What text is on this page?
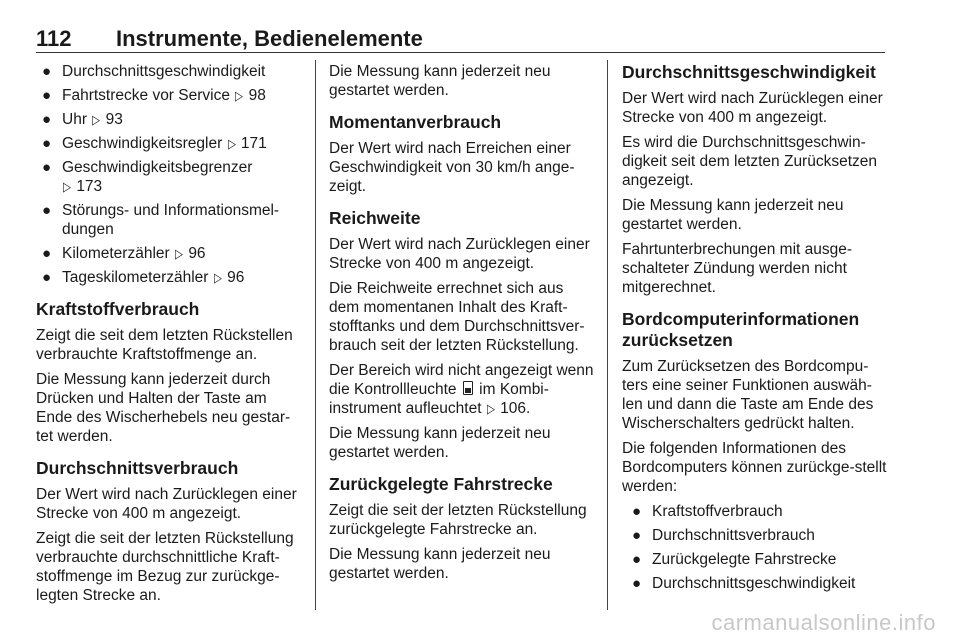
112 Instrumente, Bedienelemente
● Durchschnittsgeschwindigkeit
● Fahrtstrecke vor Service ▷ 98
● Uhr ▷ 93
● Geschwindigkeitsregler ▷ 171
● Geschwindigkeitsbegrenzer
▷ 173
● Störungs- und Informationsmel-dungen
● Kilometerzähler ▷ 96
● Tageskilometerzähler ▷ 96
Kraftstoffverbrauch

Zeigt die seit dem letzten Rückstellen verbrauchte Kraftstoffmenge an.

Die Messung kann jederzeit durch Drücken und Halten der Taste am Ende des Wischerhebels neu gestar-tet werden.

Durchschnittsverbrauch

Der Wert wird nach Zurücklegen einer Strecke von 400 m angezeigt.

Zeigt die seit der letzten Rückstellung verbrauchte durchschnittliche Kraft-stoffmenge im Bezug zur zurückge-legten Strecke an.

Die Messung kann jederzeit neu gestartet werden.

Momentanverbrauch

Der Wert wird nach Erreichen einer Geschwindigkeit von 30 km/h ange-zeigt.

Reichweite

Der Wert wird nach Zurücklegen einer Strecke von 400 m angezeigt.

Die Reichweite errechnet sich aus dem momentanen Inhalt des Kraft-stofftanks und dem Durchschnittsver-brauch seit der letzten Rückstellung.

Der Bereich wird nicht angezeigt wenn die Kontrollleuchte im Kombi-instrument aufleuchtet ▷ 106.

Die Messung kann jederzeit neu gestartet werden.

Zurückgelegte Fahrstrecke

Zeigt die seit der letzten Rückstellung zurückgelegte Fahrstrecke an.

Die Messung kann jederzeit neu gestartet werden.

Durchschnittsgeschwindigkeit

Der Wert wird nach Zurücklegen einer Strecke von 400 m angezeigt.

Es wird die Durchschnittsgeschwin-digkeit seit dem letzten Zurücksetzen angezeigt.

Die Messung kann jederzeit neu gestartet werden.

Fahrtunterbrechungen mit ausge-schalteter Zündung werden nicht mitgerechnet.

Bordcomputerinformationen zurücksetzen

Zum Zurücksetzen des Bordcompu-ters eine seiner Funktionen auswäh-len und dann die Taste am Ende des Wischerschalters gedrückt halten.

Die folgenden Informationen des Bordcomputers können zurückge-stellt werden:

● Kraftstoffverbrauch
● Durchschnittsverbrauch
● Zurückgelegte Fahrstrecke
● Durchschnittsgeschwindigkeit
carmanualsonline.info
